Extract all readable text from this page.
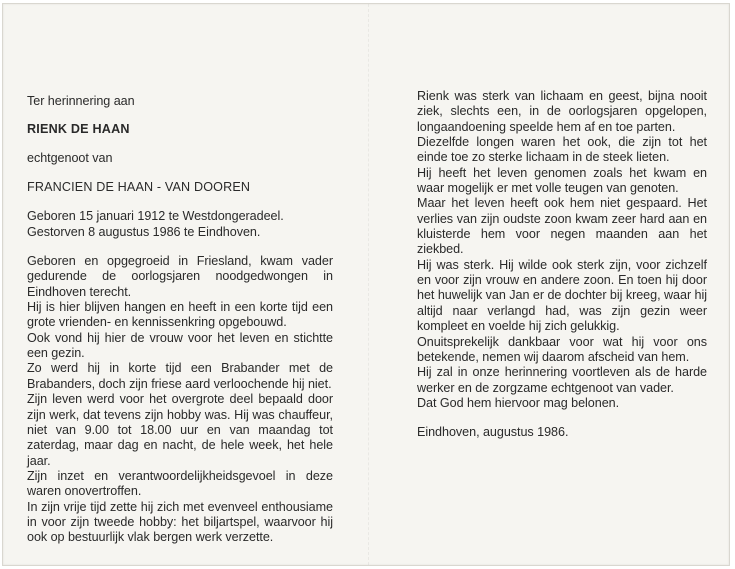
Ter herinnering aan

RIENK DE HAAN

echtgenoot van

FRANCIEN DE HAAN - VAN DOOREN

Geboren 15 januari 1912 te Westdongeradeel.

Gestorven 8 augustus 1986 te Eindhoven.

Geboren en opgegroeid in Friesland, kwam vader gedurende de oorlogsjaren noodgedwongen in Eindhoven terecht.

Hij is hier blijven hangen en heeft in een korte tijd een grote vrienden- en kennissenkring opgebouwd.

Ook vond hij hier de vrouw voor het leven en stichtte een gezin.

Zo werd hij in korte tijd een Brabander met de Brabanders, doch zijn friese aard verloochende hij niet.

Zijn leven werd voor het overgrote deel bepaald door zijn werk, dat tevens zijn hobby was. Hij was chauffeur, niet van 9.00 tot 18.00 uur en van maandag tot zaterdag, maar dag en nacht, de hele week, het hele jaar.

Zijn inzet en verantwoordelijkheidsgevoel in deze waren onovertroffen.

In zijn vrije tijd zette hij zich met evenveel enthousiame in voor zijn tweede hobby: het biljartspel, waarvoor hij ook op bestuurlijk vlak bergen werk verzette.

Rienk was sterk van lichaam en geest, bijna nooit ziek, slechts een, in de oorlogsjaren opgelopen, longaandoening speelde hem af en toe parten.

Diezelfde longen waren het ook, die zijn tot het einde toe zo sterke lichaam in de steek lieten.

Hij heeft het leven genomen zoals het kwam en waar mogelijk er met volle teugen van genoten.

Maar het leven heeft ook hem niet gespaard. Het verlies van zijn oudste zoon kwam zeer hard aan en kluisterde hem voor negen maanden aan het ziekbed.

Hij was sterk. Hij wilde ook sterk zijn, voor zichzelf en voor zijn vrouw en andere zoon. En toen hij door het huwelijk van Jan er de dochter bij kreeg, waar hij altijd naar verlangd had, was zijn gezin weer kompleet en voelde hij zich gelukkig.

Onuitsprekelijk dankbaar voor wat hij voor ons betekende, nemen wij daarom afscheid van hem.

Hij zal in onze herinnering voortleven als de harde werker en de zorgzame echtgenoot van vader.

Dat God hem hiervoor mag belonen.

Eindhoven, augustus 1986.
